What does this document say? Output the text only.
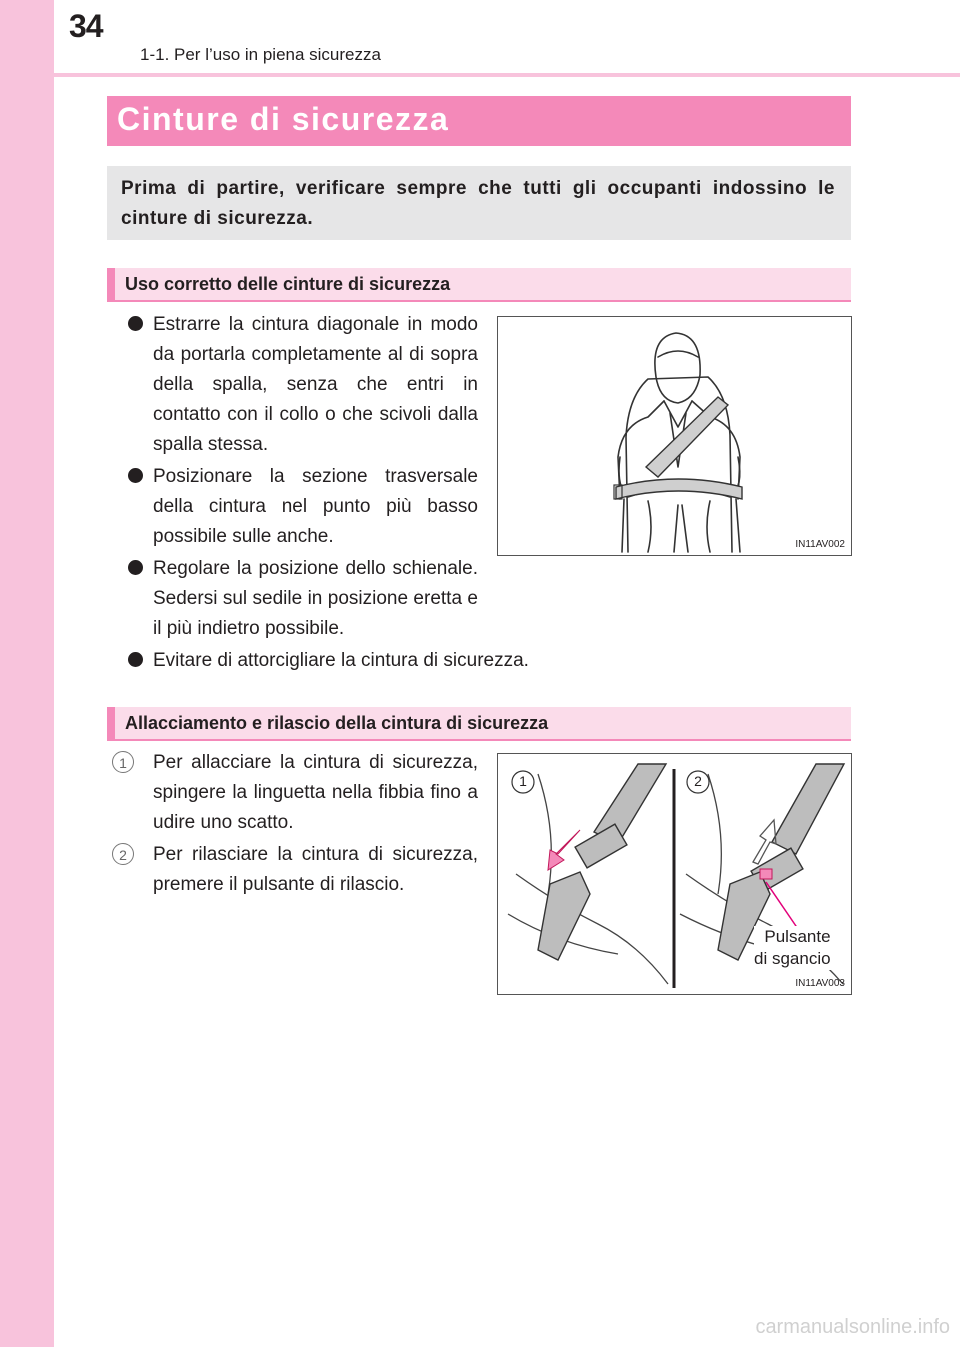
34
1-1. Per l’uso in piena sicurezza
Cinture di sicurezza
Prima di partire, verificare sempre che tutti gli occupanti indossino le cinture di sicurezza.
Uso corretto delle cinture di sicurezza
Estrarre la cintura diagonale in modo da portarla completamente al di sopra della spalla, senza che entri in contatto con il collo o che scivoli dalla spalla stessa.
Posizionare la sezione trasversale della cintura nel punto più basso possibile sulle anche.
Regolare la posizione dello schienale. Sedersi sul sedile in posizione eretta e il più indietro possibile.
Evitare di attorcigliare la cintura di sicurezza.
IN11AV002
Allacciamento e rilascio della cintura di sicurezza
1	Per allacciare la cintura di sicurezza, spingere la linguetta nella fibbia fino a udire uno scatto.
2	Per rilasciare la cintura di sicurezza, premere il pulsante di rilascio.
1	2
Pulsante
di sgancio
IN11AV003
carmanualsonline.info
